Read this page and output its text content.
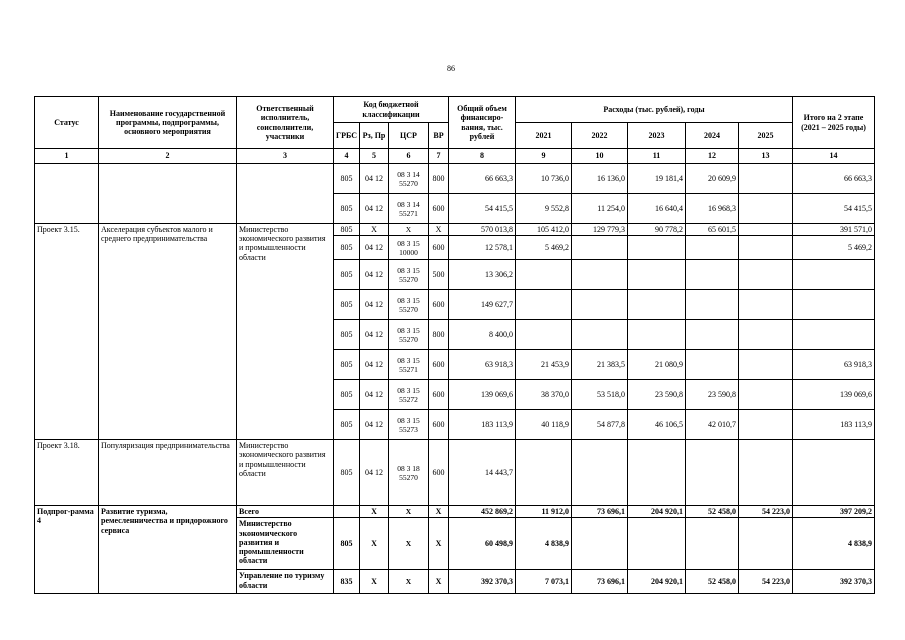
86
Статус	Наименование государственной программы, подпрограммы, основного мероприятия	Ответственный исполнитель, соисполнители, участники	Код бюджетной классификации				Общий объем финансиро-вания, тыс. рублей	Расходы (тыс. рублей), годы					Итого на 2 этапе (2021 – 2025 годы)
			ГРБС	Рз, Пр	ЦСР	ВР		2021	2022	2023	2024	2025	
1	2	3	4	5	6	7	8	9	10	11	12	13	14
			805	04 12	08 3 14 55270	800	66 663,3	10 736,0	16 136,0	19 181,4	20 609,9		66 663,3
			805	04 12	08 3 14 55271	600	54 415,5	9 552,8	11 254,0	16 640,4	16 968,3		54 415,5
Проект 3.15.	Акселерация субъектов малого и среднего предпринимательства	Министерство экономического развития и промышленности области	805	X	X	X	570 013,8	105 412,0	129 779,3	90 778,2	65 601,5		391 571,0
			805	04 12	08 3 15 10000	600	12 578,1	5 469,2					5 469,2
			805	04 12	08 3 15 55270	500	13 306,2						
			805	04 12	08 3 15 55270	600	149 627,7						
			805	04 12	08 3 15 55270	800	8 400,0						
			805	04 12	08 3 15 55271	600	63 918,3	21 453,9	21 383,5	21 080,9			63 918,3
			805	04 12	08 3 15 55272	600	139 069,6	38 370,0	53 518,0	23 590,8	23 590,8		139 069,6
			805	04 12	08 3 15 55273	600	183 113,9	40 118,9	54 877,8	46 106,5	42 010,7		183 113,9
Проект 3.18.	Популяризация предпринимательства	Министерство экономического развития и промышленности области	805	04 12	08 3 18 55270	600	14 443,7						
Подпрог-рамма 4	Развитие туризма, ремесленничества и придорожного сервиса	Всего		X	X	X	452 869,2	11 912,0	73 696,1	204 920,1	52 458,0	54 223,0	397 209,2
		Министерство экономического развития и промышленности области	805	X	X	X	60 498,9	4 838,9					4 838,9
		Управление по туризму области	835	X	X	X	392 370,3	7 073,1	73 696,1	204 920,1	52 458,0	54 223,0	392 370,3
